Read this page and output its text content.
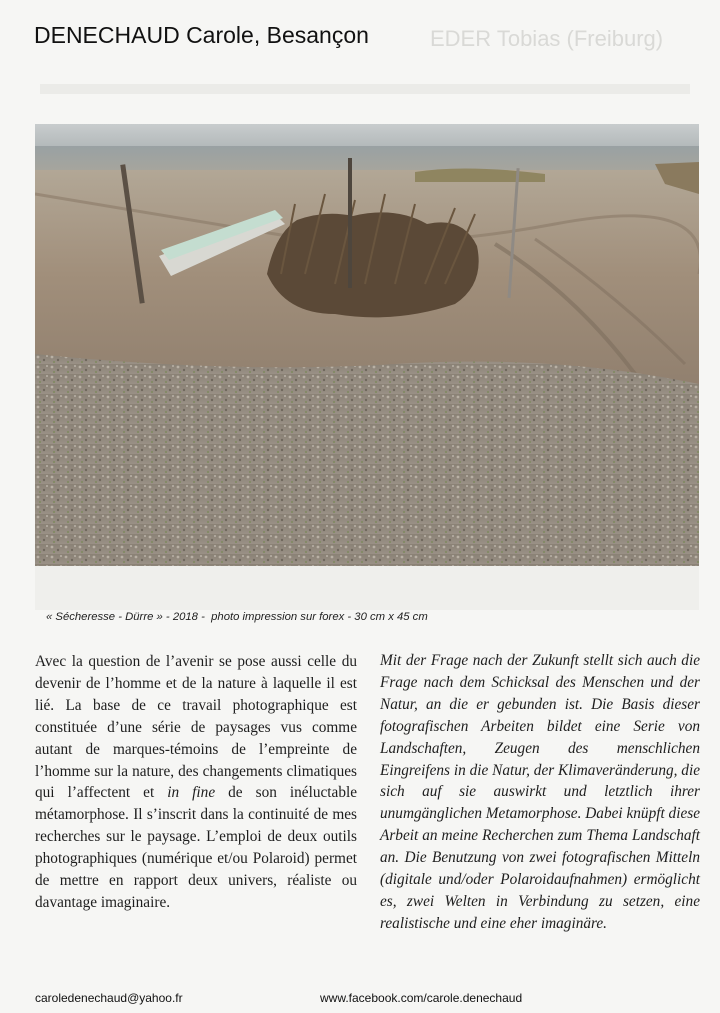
EDER Tobias (Freiburg)
DENECHAUD Carole, Besançon
« Sécheresse - Dürre » - 2018 -  photo impression sur forex - 30 cm x 45 cm

Avec la question de l’avenir se pose aussi celle du devenir de l’homme et de la nature à laquelle il est lié. La base de ce travail photographique est constituée d’une série de paysages vus comme autant de marques-témoins de l’empreinte de l’homme sur la nature, des changements climatiques qui l’affectent et in fine de son inéluctable métamorphose. Il s’inscrit dans la continuité de mes recherches sur le paysage. L’emploi de deux outils photographiques (numérique et/ou Polaroid) permet de mettre en rapport deux univers, réaliste ou davantage imaginaire.

Mit der Frage nach der Zukunft stellt sich auch die Frage nach dem Schicksal des Menschen und der Natur, an die er gebunden ist. Die Basis dieser fotografischen Arbeiten bildet eine Serie von Landschaften, Zeugen des menschlichen Eingreifens in die Natur, der Klimaveränderung, die sich auf sie auswirkt und letztlich ihrer unumgänglichen Metamorphose. Dabei knüpft diese Arbeit an meine Recherchen zum Thema Landschaft an. Die Benutzung von zwei fotografischen Mitteln (digitale und/oder Polaroidaufnahmen) ermöglicht es, zwei Welten in Verbindung zu setzen, eine realistische und eine eher imaginäre.

caroledenechaud@yahoo.fr	www.facebook.com/carole.denechaud
